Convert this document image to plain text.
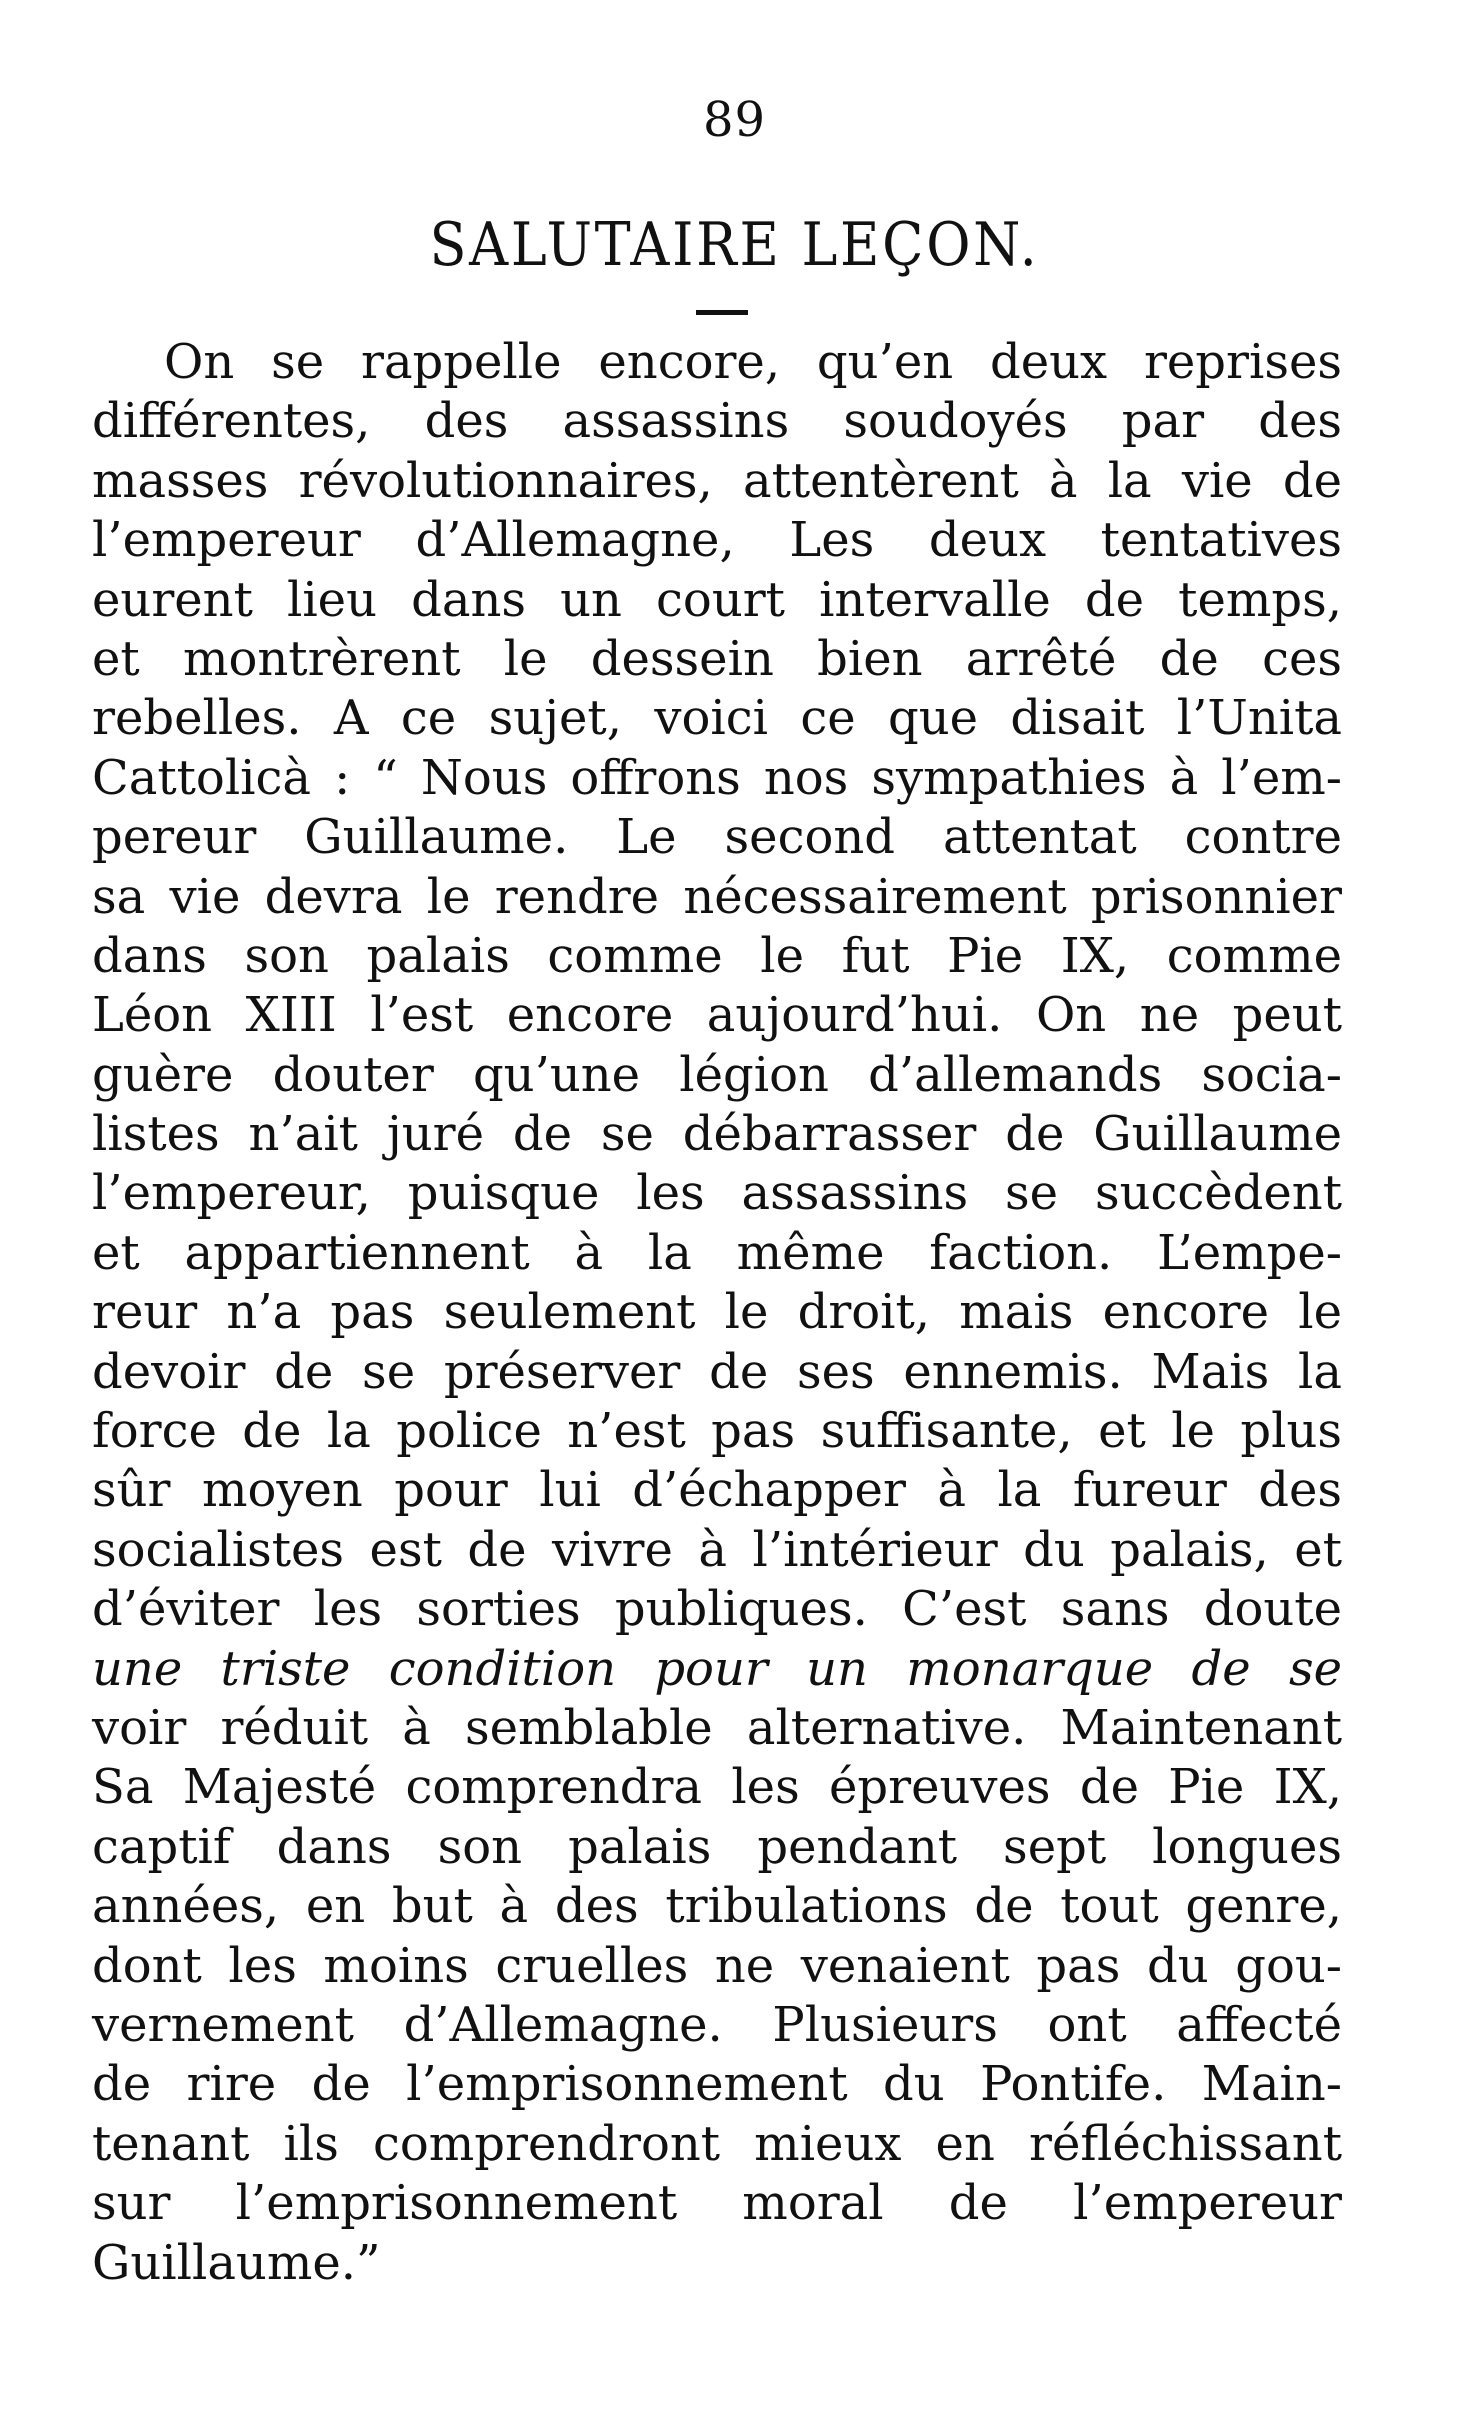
89
SALUTAIRE LEÇON.
On se rappelle encore, qu’en deux reprises
différentes, des assassins soudoyés par des
masses révolutionnaires, attentèrent à la vie de
l’empereur d’Allemagne, Les deux tentatives
eurent lieu dans un court intervalle de temps,
et montrèrent le dessein bien arrêté de ces
rebelles. A ce sujet, voici ce que disait l’Unita
Cattolicà : “ Nous offrons nos sympathies à l’em-
pereur Guillaume. Le second attentat contre
sa vie devra le rendre nécessairement prisonnier
dans son palais comme le fut Pie IX, comme
Léon XIII l’est encore aujourd’hui. On ne peut
guère douter qu’une légion d’allemands socia-
listes n’ait juré de se débarrasser de Guillaume
l’empereur, puisque les assassins se succèdent
et appartiennent à la même faction. L’empe-
reur n’a pas seulement le droit, mais encore le
devoir de se préserver de ses ennemis. Mais la
force de la police n’est pas suffisante, et le plus
sûr moyen pour lui d’échapper à la fureur des
socialistes est de vivre à l’intérieur du palais, et
d’éviter les sorties publiques. C’est sans doute
une triste condition pour un monarque de se
voir réduit à semblable alternative. Maintenant
Sa Majesté comprendra les épreuves de Pie IX,
captif dans son palais pendant sept longues
années, en but à des tribulations de tout genre,
dont les moins cruelles ne venaient pas du gou-
vernement d’Allemagne. Plusieurs ont affecté
de rire de l’emprisonnement du Pontife. Main-
tenant ils comprendront mieux en réfléchissant
sur l’emprisonnement moral de l’empereur
Guillaume.”
